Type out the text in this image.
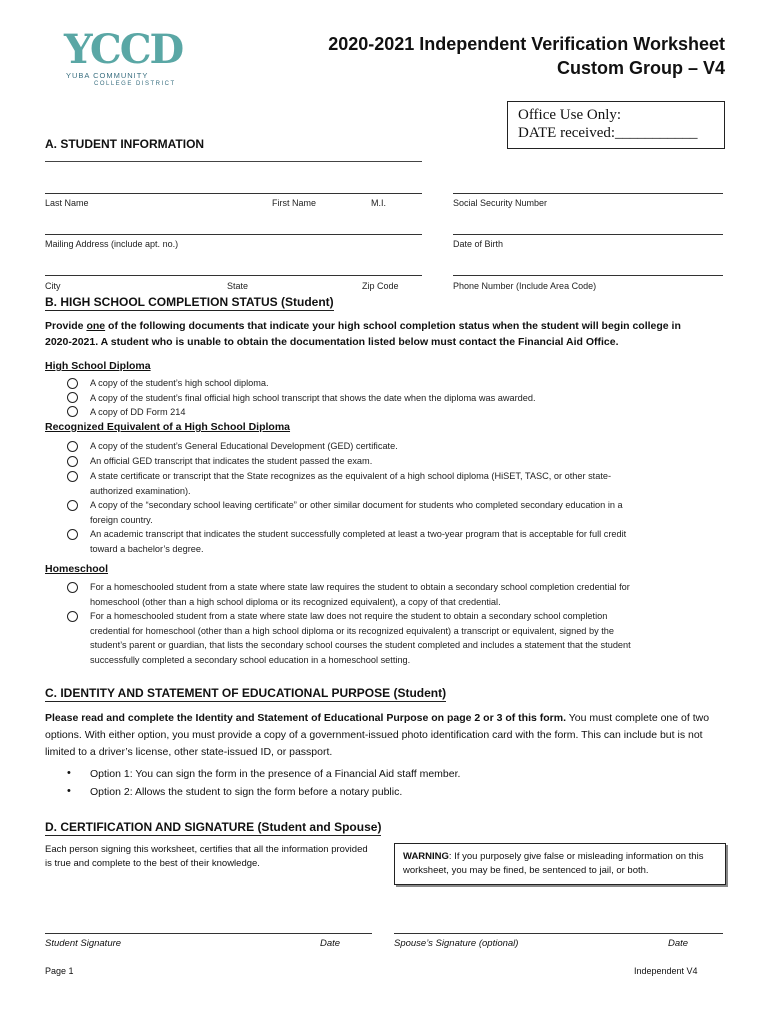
YCCD
YUBA COMMUNITY
COLLEGE DISTRICT
2020-2021 Independent Verification Worksheet
Custom Group – V4
Office Use Only:
DATE received:___________
A. STUDENT INFORMATION
Last Name	First Name	M.I.	Social Security Number
Mailing Address (include apt. no.)	Date of Birth
City	State	Zip Code	Phone Number (Include Area Code)
B. HIGH SCHOOL COMPLETION STATUS (Student)
Provide one of the following documents that indicate your high school completion status when the student will begin college in
2020-2021. A student who is unable to obtain the documentation listed below must contact the Financial Aid Office.
High School Diploma
A copy of the student’s high school diploma.
A copy of the student’s final official high school transcript that shows the date when the diploma was awarded.
A copy of DD Form 214
Recognized Equivalent of a High School Diploma
A copy of the student’s General Educational Development (GED) certificate.
An official GED transcript that indicates the student passed the exam.
A state certificate or transcript that the State recognizes as the equivalent of a high school diploma (HiSET, TASC, or other state-
authorized examination).
A copy of the “secondary school leaving certificate” or other similar document for students who completed secondary education in a
foreign country.
An academic transcript that indicates the student successfully completed at least a two-year program that is acceptable for full credit
toward a bachelor’s degree.
Homeschool
For a homeschooled student from a state where state law requires the student to obtain a secondary school completion credential for
homeschool (other than a high school diploma or its recognized equivalent), a copy of that credential.
For a homeschooled student from a state where state law does not require the student to obtain a secondary school completion
credential for homeschool (other than a high school diploma or its recognized equivalent) a transcript or equivalent, signed by the
student’s parent or guardian, that lists the secondary school courses the student completed and includes a statement that the student
successfully completed a secondary school education in a homeschool setting.
C. IDENTITY AND STATEMENT OF EDUCATIONAL PURPOSE (Student)
Please read and complete the Identity and Statement of Educational Purpose on page 2 or 3 of this form. You must complete one of two options. With either option, you must provide a copy of a government-issued photo identification card with the form. This can include but is not limited to a driver’s license, other state-issued ID, or passport.
• Option 1: You can sign the form in the presence of a Financial Aid staff member.
• Option 2: Allows the student to sign the form before a notary public.
D. CERTIFICATION AND SIGNATURE (Student and Spouse)
Each person signing this worksheet, certifies that all the information provided is true and complete to the best of their knowledge.
WARNING: If you purposely give false or misleading information on this worksheet, you may be fined, be sentenced to jail, or both.
Student Signature	Date	Spouse’s Signature (optional)	Date
Page 1	Independent V4
